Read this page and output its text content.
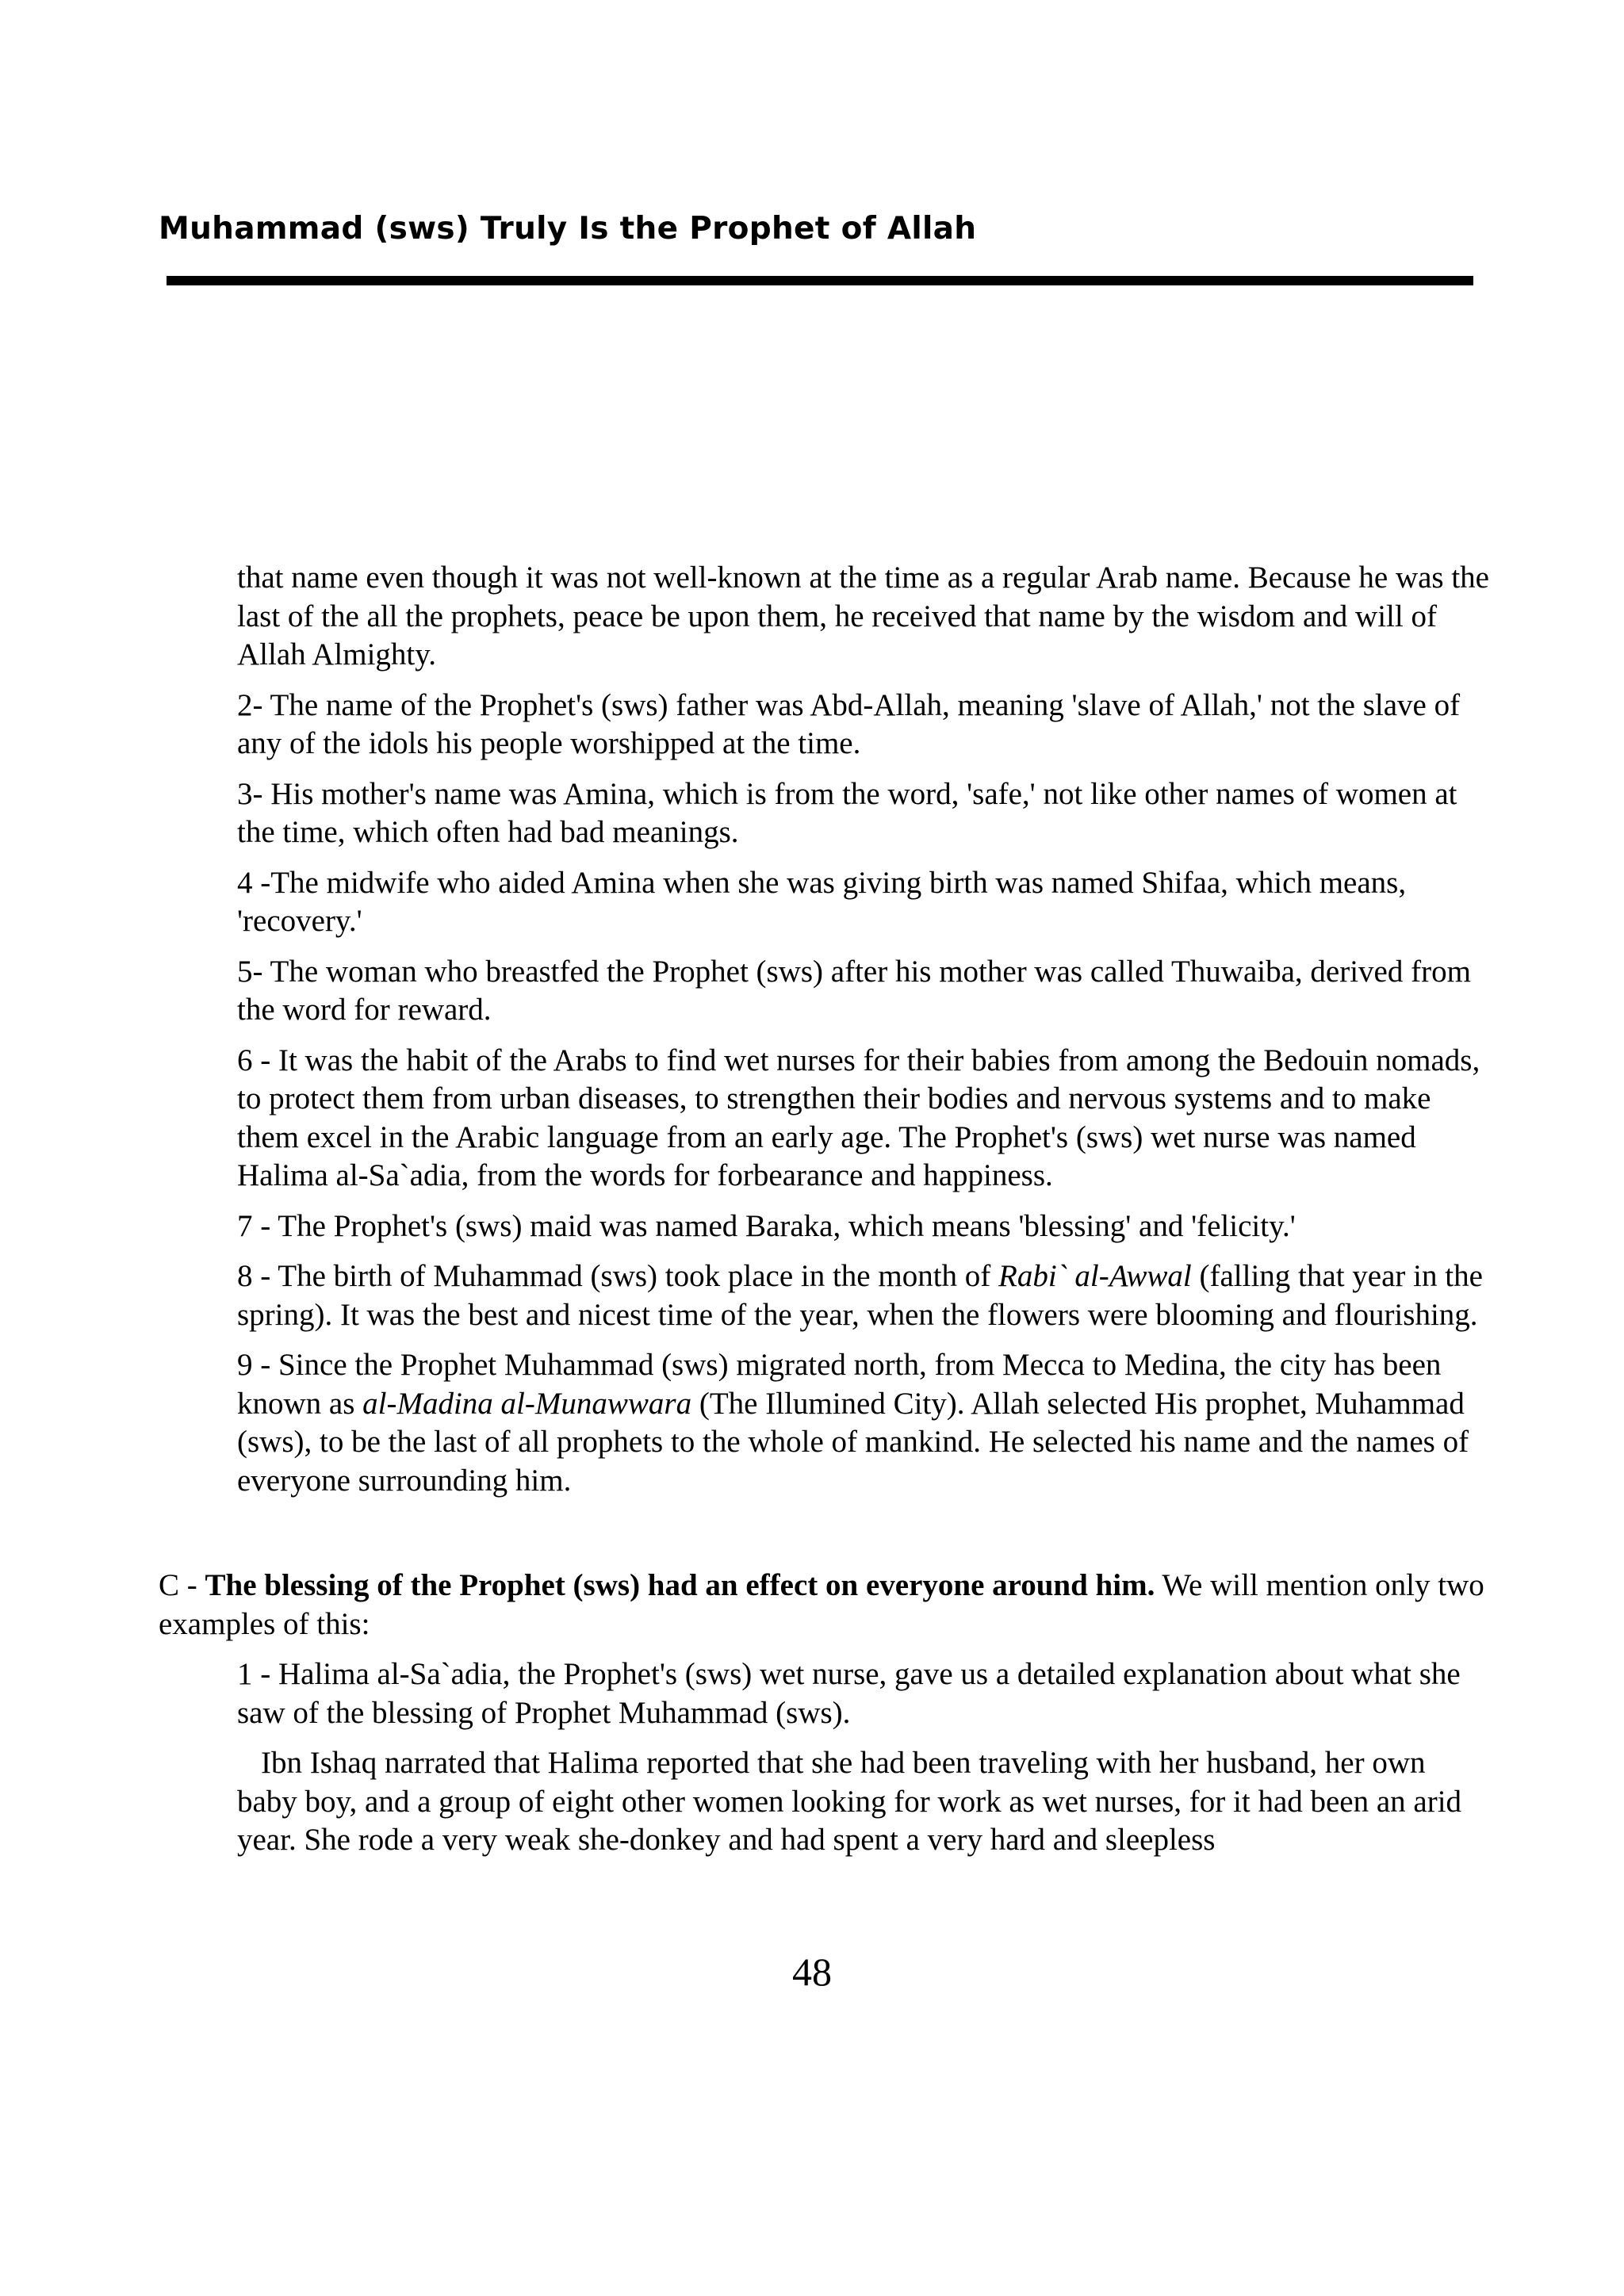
Muhammad (sws) Truly Is the Prophet of Allah

that name even though it was not well-known at the time as a regular Arab name. Because he was the last of the all the prophets, peace be upon them, he received that name by the wisdom and will of Allah Almighty.

2- The name of the Prophet's (sws) father was Abd-Allah, meaning 'slave of Allah,' not the slave of any of the idols his people worshipped at the time.

3- His mother's name was Amina, which is from the word, 'safe,' not like other names of women at the time, which often had bad meanings.

4 -The midwife who aided Amina when she was giving birth was named Shifaa, which means, 'recovery.'

5- The woman who breastfed the Prophet (sws) after his mother was called Thuwaiba, derived from the word for reward.

6 - It was the habit of the Arabs to find wet nurses for their babies from among the Bedouin nomads, to protect them from urban diseases, to strengthen their bodies and nervous systems and to make them excel in the Arabic language from an early age. The Prophet's (sws) wet nurse was named Halima al-Sa`adia, from the words for forbearance and happiness.

7 - The Prophet's (sws) maid was named Baraka, which means 'blessing' and 'felicity.'

8 - The birth of Muhammad (sws) took place in the month of Rabi` al-Awwal (falling that year in the spring). It was the best and nicest time of the year, when the flowers were blooming and flourishing.

9 - Since the Prophet Muhammad (sws) migrated north, from Mecca to Medina, the city has been known as al-Madina al-Munawwara (The Illumined City). Allah selected His prophet, Muhammad (sws), to be the last of all prophets to the whole of mankind. He selected his name and the names of everyone surrounding him.

C - The blessing of the Prophet (sws) had an effect on everyone around him. We will mention only two examples of this:

1 - Halima al-Sa`adia, the Prophet's (sws) wet nurse, gave us a detailed explanation about what she saw of the blessing of Prophet Muhammad (sws).

Ibn Ishaq narrated that Halima reported that she had been traveling with her husband, her own baby boy, and a group of eight other women looking for work as wet nurses, for it had been an arid year. She rode a very weak she-donkey and had spent a very hard and sleepless

48
